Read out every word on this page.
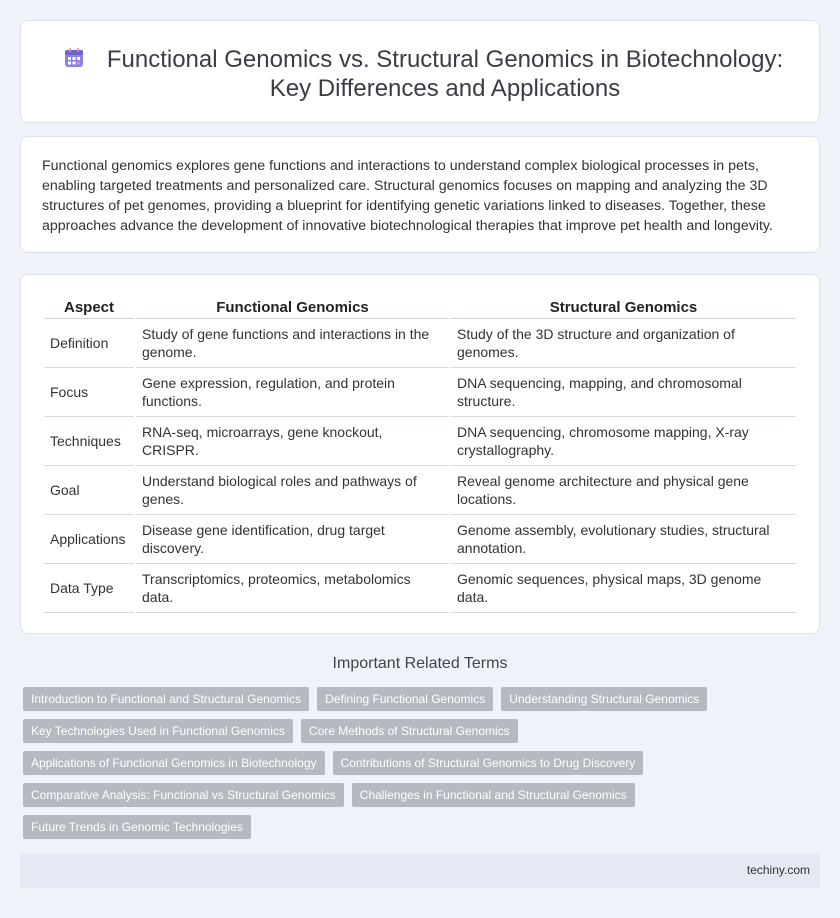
Functional Genomics vs. Structural Genomics in Biotechnology: Key Differences and Applications

Functional genomics explores gene functions and interactions to understand complex biological processes in pets, enabling targeted treatments and personalized care. Structural genomics focuses on mapping and analyzing the 3D structures of pet genomes, providing a blueprint for identifying genetic variations linked to diseases. Together, these approaches advance the development of innovative biotechnological therapies that improve pet health and longevity.

Aspect	Functional Genomics	Structural Genomics
Definition	Study of gene functions and interactions in the genome.	Study of the 3D structure and organization of genomes.
Focus	Gene expression, regulation, and protein functions.	DNA sequencing, mapping, and chromosomal structure.
Techniques	RNA-seq, microarrays, gene knockout, CRISPR.	DNA sequencing, chromosome mapping, X-ray crystallography.
Goal	Understand biological roles and pathways of genes.	Reveal genome architecture and physical gene locations.
Applications	Disease gene identification, drug target discovery.	Genome assembly, evolutionary studies, structural annotation.
Data Type	Transcriptomics, proteomics, metabolomics data.	Genomic sequences, physical maps, 3D genome data.
Important Related Terms
Introduction to Functional and Structural Genomics	Defining Functional Genomics	Understanding Structural Genomics
Key Technologies Used in Functional Genomics	Core Methods of Structural Genomics
Applications of Functional Genomics in Biotechnology	Contributions of Structural Genomics to Drug Discovery
Comparative Analysis: Functional vs Structural Genomics	Challenges in Functional and Structural Genomics
Future Trends in Genomic Technologies
techiny.com
